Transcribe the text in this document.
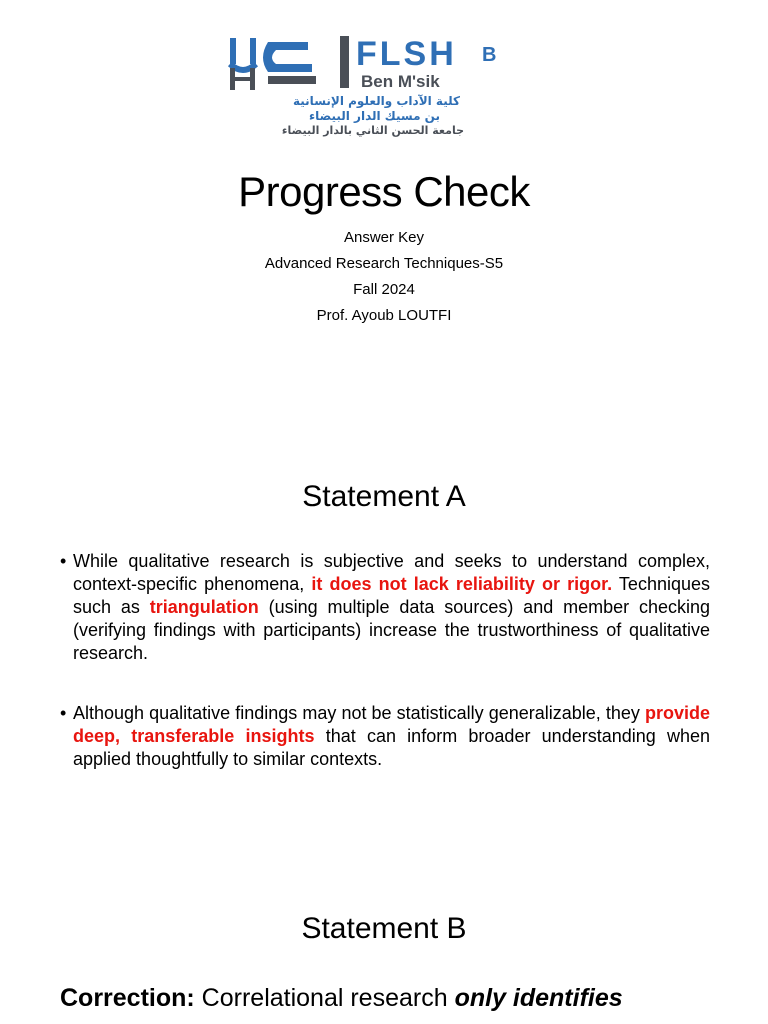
FLSH B
Ben M'sik
كلية الآداب والعلوم الإنسانية
بن مسيك الدار البيضاء
جامعة الحسن الثاني بالدار البيضاء
Progress Check
Answer Key
Advanced Research Techniques-S5
Fall 2024
Prof. Ayoub LOUTFI
Statement A
• While qualitative research is subjective and seeks to understand complex, context-specific phenomena, it does not lack reliability or rigor. Techniques such as triangulation (using multiple data sources) and member checking (verifying findings with participants) increase the trustworthiness of qualitative research.
• Although qualitative findings may not be statistically generalizable, they provide deep, transferable insights that can inform broader understanding when applied thoughtfully to similar contexts.
Statement B
Correction: Correlational research only identifies
